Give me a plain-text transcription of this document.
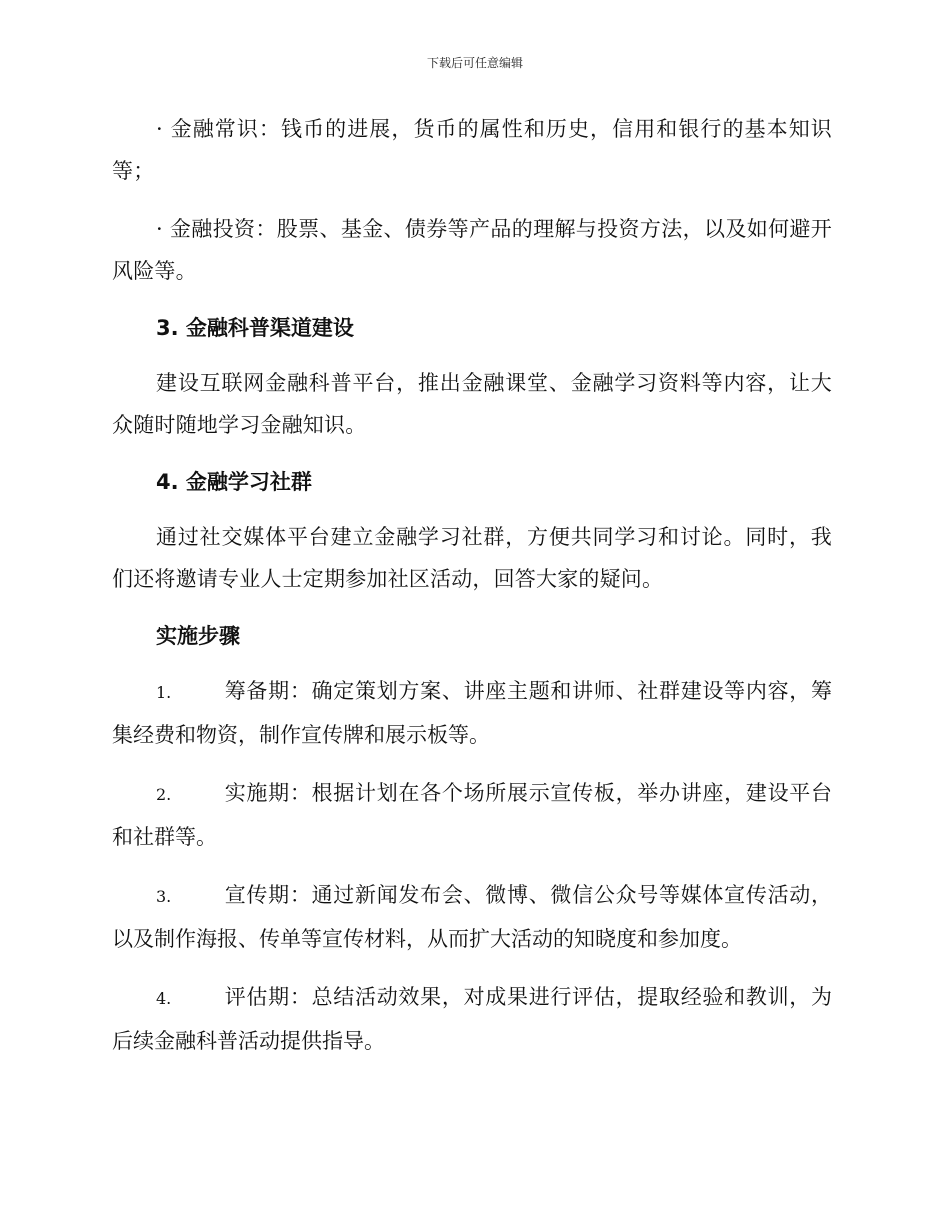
下载后可任意编辑

· 金融常识：钱币的进展，货币的属性和历史，信用和银行的基本知识等；

· 金融投资：股票、基金、债券等产品的理解与投资方法，以及如何避开风险等。

3. 金融科普渠道建设

建设互联网金融科普平台，推出金融课堂、金融学习资料等内容，让大众随时随地学习金融知识。

4. 金融学习社群

通过社交媒体平台建立金融学习社群，方便共同学习和讨论。同时，我们还将邀请专业人士定期参加社区活动，回答大家的疑问。

实施步骤
1.	筹备期：确定策划方案、讲座主题和讲师、社群建设等内容，筹集经费和物资，制作宣传牌和展示板等。
2.	实施期：根据计划在各个场所展示宣传板，举办讲座，建设平台和社群等。
3.	宣传期：通过新闻发布会、微博、微信公众号等媒体宣传活动，以及制作海报、传单等宣传材料，从而扩大活动的知晓度和参加度。
4.	评估期：总结活动效果，对成果进行评估，提取经验和教训，为后续金融科普活动提供指导。
